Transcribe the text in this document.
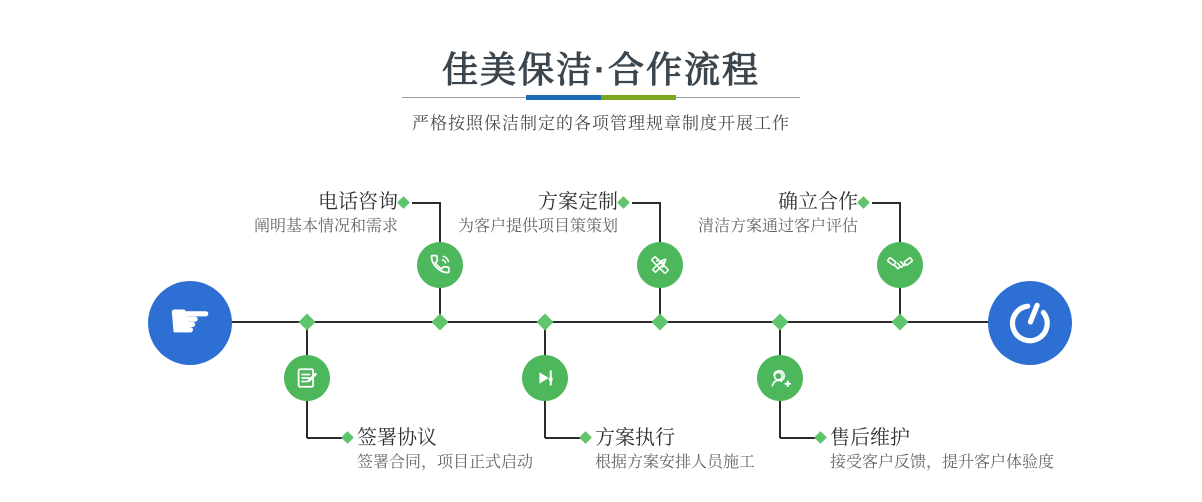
佳美保洁·合作流程
严格按照保洁制定的各项管理规章制度开展工作
电话咨询
阐明基本情况和需求
方案定制
为客户提供项目策策划
确立合作
清洁方案通过客户评估
签署协议
签署合同，项目正式启动
方案执行
根据方案安排人员施工
售后维护
接受客户反馈，提升客户体验度
☛
